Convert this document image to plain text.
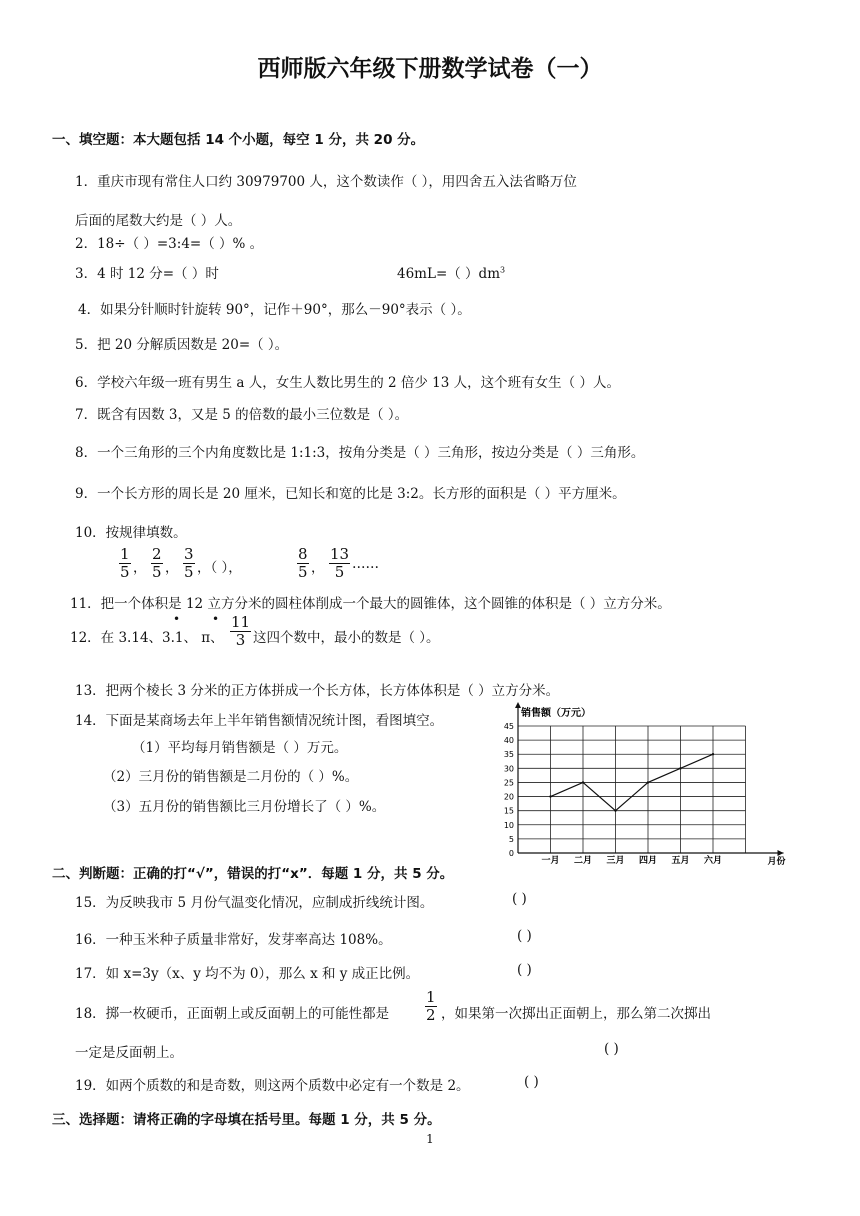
西师版六年级下册数学试卷（一）
一、填空题：本大题包括 14 个小题，每空 1 分，共 20 分。
1．重庆市现有常住人口约 30979700 人，这个数读作（ ），用四舍五入法省略万位
后面的尾数大约是（ ）人。
2．18÷（ ）=3:4=（ ）% 。
3．4 时 12 分=（ ）时	46mL=（ ）$dm^3$
4．如果分针顺时针旋转 90°，记作＋90°，那么－90°表示（ ）。
5．把 20 分解质因数是 20=（ ）。
6．学校六年级一班有男生 a 人，女生人数比男生的 2 倍少 13 人，这个班有女生（ ）人。
7．既含有因数 3，又是 5 的倍数的最小三位数是（ ）。
8．一个三角形的三个内角度数比是 1:1:3，按角分类是（ ）三角形，按边分类是（ ）三角形。
9．一个长方形的周长是 20 厘米，已知长和宽的比是 3:2。长方形的面积是（ ）平方厘米。
10．按规律填数。
$\frac{1}{5}$ ， $\frac{2}{5}$ ， $\frac{3}{5}$ ，（ ），	$\frac{8}{5}$ ， $\frac{13}{5}$ ……
11．把一个体积是 12 立方分米的圆柱体削成一个最大的圆锥体，这个圆锥的体积是（ ）立方分米。
12．在 3.14、3.1、 π、
•	• $\frac{11}{3}$ 这四个数中，最小的数是（ ）。
13．把两个棱长 3 分米的正方体拼成一个长方体，长方体体积是（ ）立方分米。
14．下面是某商场去年上半年销售额情况统计图，看图填空。
（1）平均每月销售额是（ ）万元。
（2）三月份的销售额是二月份的（ ）%。
（3）五月份的销售额比三月份增长了（ ）%。
0
5
10
15
20
25
30
35
40
45
销售额（万元）
一月 二月 三月 四月 五月 六月	月份
二、判断题：正确的打“√”，错误的打“x”．每题 1 分，共 5 分。
15．为反映我市 5 月份气温变化情况，应制成折线统计图。	( )
16．一种玉米种子质量非常好，发芽率高达 108%。	( )
17．如 x=3y（x、y 均不为 0），那么 x 和 y 成正比例。	( )
18．掷一枚硬币，正面朝上或反面朝上的可能性都是 $\frac{1}{2}$ ，如果第一次掷出正面朝上，那么第二次掷出
一定是反面朝上。	( )
19．如两个质数的和是奇数，则这两个质数中必定有一个数是 2。	( )
三、选择题：请将正确的字母填在括号里。每题 1 分，共 5 分。
1
